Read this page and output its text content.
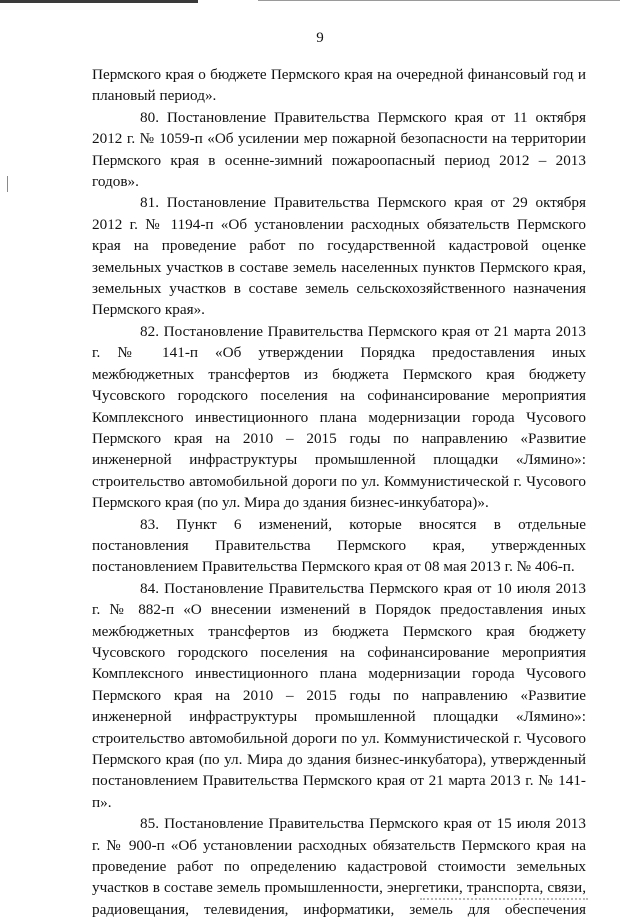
9

Пермского края о бюджете Пермского края на очередной финансовый год и плановый период».

80. Постановление Правительства Пермского края от 11 октября 2012 г. № 1059-п «Об усилении мер пожарной безопасности на территории Пермского края в осенне-зимний пожароопасный период 2012 – 2013 годов».

81. Постановление Правительства Пермского края от 29 октября 2012 г. № 1194-п «Об установлении расходных обязательств Пермского края на проведение работ по государственной кадастровой оценке земельных участков в составе земель населенных пунктов Пермского края, земельных участков в составе земель сельскохозяйственного назначения Пермского края».

82. Постановление Правительства Пермского края от 21 марта 2013 г. № 141-п «Об утверждении Порядка предоставления иных межбюджетных трансфертов из бюджета Пермского края бюджету Чусовского городского поселения на софинансирование мероприятия Комплексного инвестиционного плана модернизации города Чусового Пермского края на 2010 – 2015 годы по направлению «Развитие инженерной инфраструктуры промышленной площадки «Лямино»: строительство автомобильной дороги по ул. Коммунистической г. Чусового Пермского края (по ул. Мира до здания бизнес-инкубатора)».

83. Пункт 6 изменений, которые вносятся в отдельные постановления Правительства Пермского края, утвержденных постановлением Правительства Пермского края от 08 мая 2013 г. № 406-п.

84. Постановление Правительства Пермского края от 10 июля 2013 г. № 882-п «О внесении изменений в Порядок предоставления иных межбюджетных трансфертов из бюджета Пермского края бюджету Чусовского городского поселения на софинансирование мероприятия Комплексного инвестиционного плана модернизации города Чусового Пермского края на 2010 – 2015 годы по направлению «Развитие инженерной инфраструктуры промышленной площадки «Лямино»: строительство автомобильной дороги по ул. Коммунистической г. Чусового Пермского края (по ул. Мира до здания бизнес-инкубатора), утвержденный постановлением Правительства Пермского края от 21 марта 2013 г. № 141-п».

85. Постановление Правительства Пермского края от 15 июля 2013 г. № 900-п «Об установлении расходных обязательств Пермского края на проведение работ по определению кадастровой стоимости земельных участков в составе земель промышленности, энергетики, транспорта, связи, радиовещания, телевидения, информатики, земель для обеспечения
